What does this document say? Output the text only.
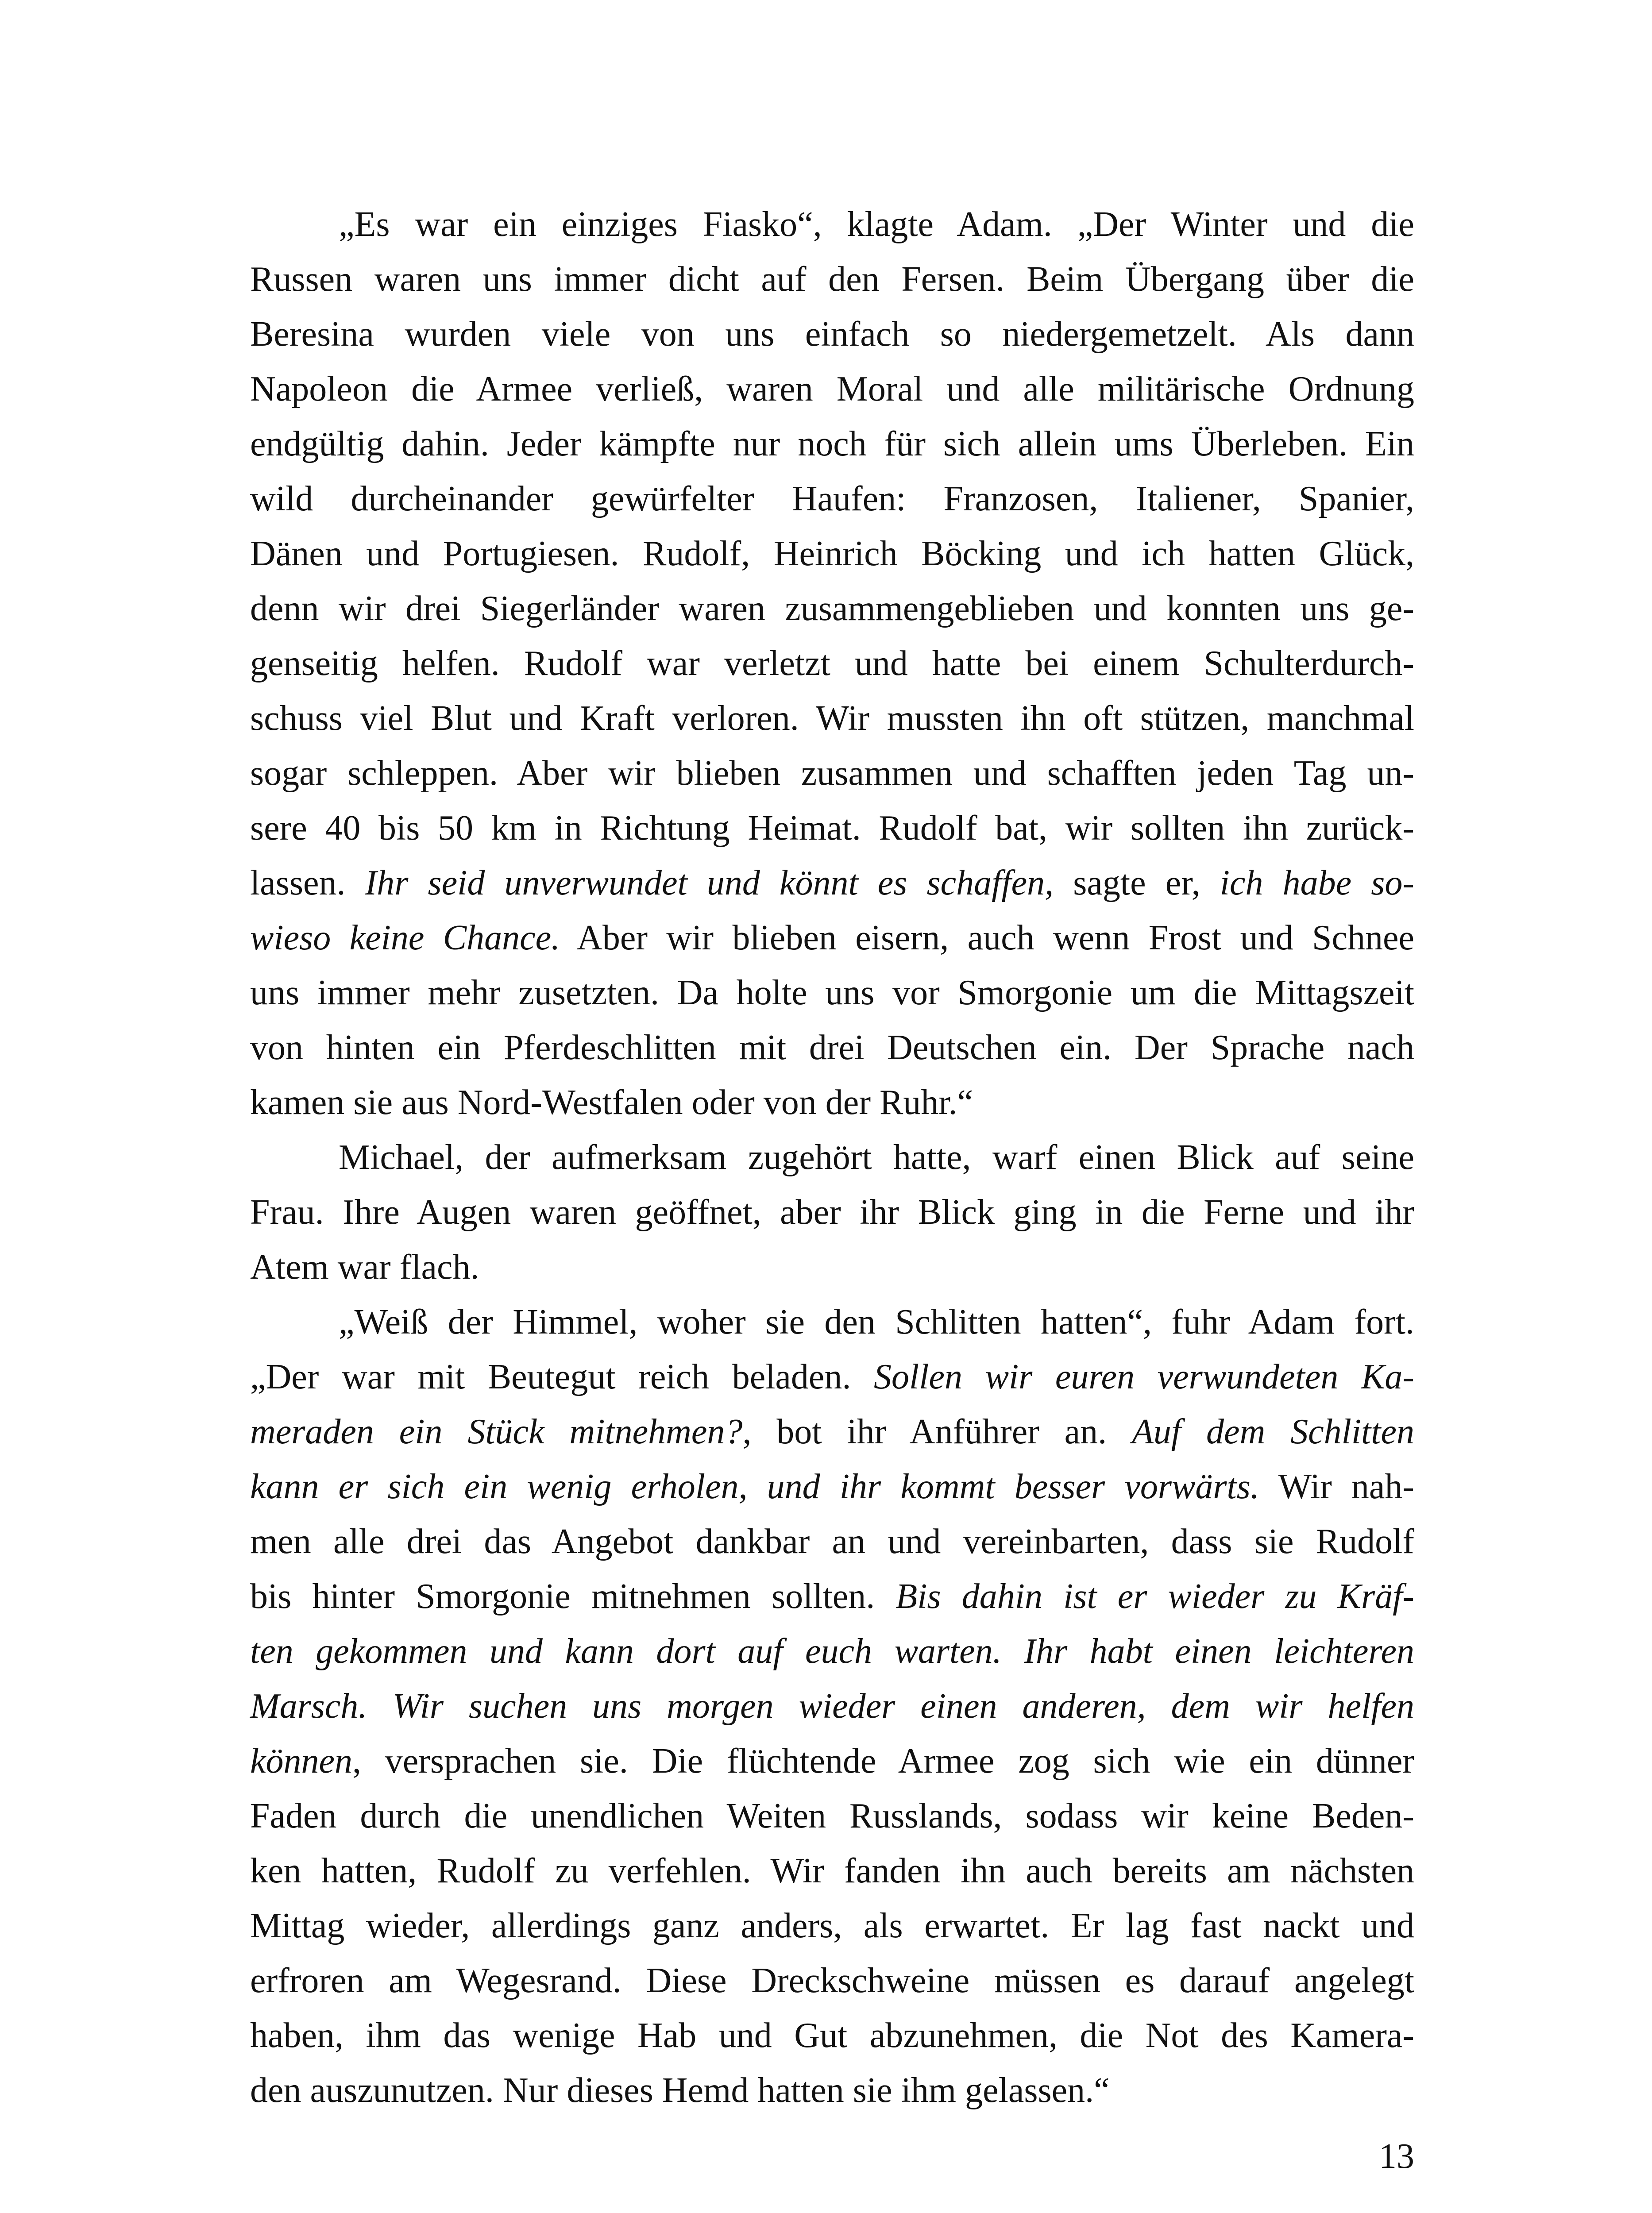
„Es war ein einziges Fiasko“, klagte Adam. „Der Winter und die
Russen waren uns immer dicht auf den Fersen. Beim Übergang über die
Beresina wurden viele von uns einfach so niedergemetzelt. Als dann
Napoleon die Armee verließ, waren Moral und alle militärische Ordnung
endgültig dahin. Jeder kämpfte nur noch für sich allein ums Überleben. Ein
wild durcheinander gewürfelter Haufen: Franzosen, Italiener, Spanier,
Dänen und Portugiesen. Rudolf, Heinrich Böcking und ich hatten Glück,
denn wir drei Siegerländer waren zusammengeblieben und konnten uns ge-
genseitig helfen. Rudolf war verletzt und hatte bei einem Schulterdurch-
schuss viel Blut und Kraft verloren. Wir mussten ihn oft stützen, manchmal
sogar schleppen. Aber wir blieben zusammen und schafften jeden Tag un-
sere 40 bis 50 km in Richtung Heimat. Rudolf bat, wir sollten ihn zurück-
lassen. Ihr seid unverwundet und könnt es schaffen, sagte er, ich habe so-
wieso keine Chance. Aber wir blieben eisern, auch wenn Frost und Schnee
uns immer mehr zusetzten. Da holte uns vor Smorgonie um die Mittagszeit
von hinten ein Pferdeschlitten mit drei Deutschen ein. Der Sprache nach
kamen sie aus Nord-Westfalen oder von der Ruhr.“
Michael, der aufmerksam zugehört hatte, warf einen Blick auf seine
Frau. Ihre Augen waren geöffnet, aber ihr Blick ging in die Ferne und ihr
Atem war flach.
„Weiß der Himmel, woher sie den Schlitten hatten“, fuhr Adam fort.
„Der war mit Beutegut reich beladen. Sollen wir euren verwundeten Ka-
meraden ein Stück mitnehmen?, bot ihr Anführer an. Auf dem Schlitten
kann er sich ein wenig erholen, und ihr kommt besser vorwärts. Wir nah-
men alle drei das Angebot dankbar an und vereinbarten, dass sie Rudolf
bis hinter Smorgonie mitnehmen sollten. Bis dahin ist er wieder zu Kräf-
ten gekommen und kann dort auf euch warten. Ihr habt einen leichteren
Marsch. Wir suchen uns morgen wieder einen anderen, dem wir helfen
können, versprachen sie. Die flüchtende Armee zog sich wie ein dünner
Faden durch die unendlichen Weiten Russlands, sodass wir keine Beden-
ken hatten, Rudolf zu verfehlen. Wir fanden ihn auch bereits am nächsten
Mittag wieder, allerdings ganz anders, als erwartet. Er lag fast nackt und
erfroren am Wegesrand. Diese Dreckschweine müssen es darauf angelegt
haben, ihm das wenige Hab und Gut abzunehmen, die Not des Kamera-
den auszunutzen. Nur dieses Hemd hatten sie ihm gelassen.“
13
